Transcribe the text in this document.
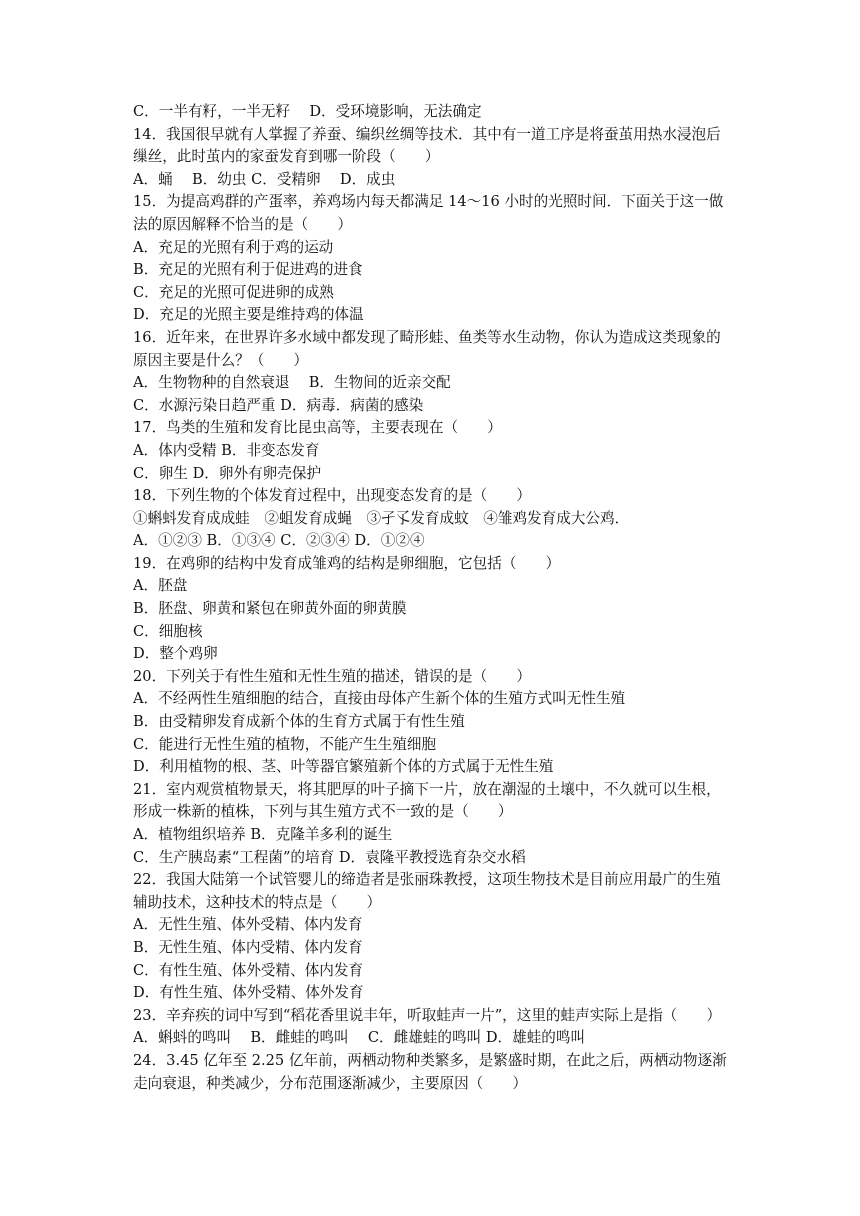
C．一半有籽，一半无籽　 D．受环境影响，无法确定
14．我国很早就有人掌握了养蚕、编织丝绸等技术．其中有一道工序是将蚕茧用热水浸泡后
缫丝，此时茧内的家蚕发育到哪一阶段（　　）
A．蛹　 B．幼虫 C．受精卵　 D．成虫
15．为提高鸡群的产蛋率，养鸡场内每天都满足 14～16 小时的光照时间．下面关于这一做
法的原因解释不恰当的是（　　）
A．充足的光照有利于鸡的运动
B．充足的光照有利于促进鸡的进食
C．充足的光照可促进卵的成熟
D．充足的光照主要是维持鸡的体温
16．近年来，在世界许多水域中都发现了畸形蛙、鱼类等水生动物，你认为造成这类现象的
原因主要是什么？（　　）
A．生物物种的自然衰退　 B．生物间的近亲交配
C．水源污染日趋严重 D．病毒．病菌的感染
17．鸟类的生殖和发育比昆虫高等，主要表现在（　　）
A．体内受精 B．非变态发育
C．卵生 D．卵外有卵壳保护
18．下列生物的个体发育过程中，出现变态发育的是（　　）
①蝌蚪发育成成蛙　②蛆发育成蝇　③孑孓发育成蚊　④雏鸡发育成大公鸡．
A．①②③ B．①③④ C．②③④ D．①②④
19．在鸡卵的结构中发育成雏鸡的结构是卵细胞，它包括（　　）
A．胚盘
B．胚盘、卵黄和紧包在卵黄外面的卵黄膜
C．细胞核
D．整个鸡卵
20．下列关于有性生殖和无性生殖的描述，错误的是（　　）
A．不经两性生殖细胞的结合，直接由母体产生新个体的生殖方式叫无性生殖
B．由受精卵发育成新个体的生育方式属于有性生殖
C．能进行无性生殖的植物，不能产生生殖细胞
D．利用植物的根、茎、叶等器官繁殖新个体的方式属于无性生殖
21．室内观赏植物景天，将其肥厚的叶子摘下一片，放在潮湿的土壤中，不久就可以生根，
形成一株新的植株，下列与其生殖方式不一致的是（　　）
A．植物组织培养 B．克隆羊多利的诞生
C．生产胰岛素“工程菌”的培育 D．袁隆平教授选育杂交水稻
22．我国大陆第一个试管婴儿的缔造者是张丽珠教授，这项生物技术是目前应用最广的生殖
辅助技术，这种技术的特点是（　　）
A．无性生殖、体外受精、体内发育
B．无性生殖、体内受精、体内发育
C．有性生殖、体外受精、体内发育
D．有性生殖、体外受精、体外发育
23．辛弃疾的词中写到“稻花香里说丰年，听取蛙声一片”，这里的蛙声实际上是指（　　）
A．蝌蚪的鸣叫　 B．雌蛙的鸣叫　 C．雌雄蛙的鸣叫 D．雄蛙的鸣叫
24．3.45 亿年至 2.25 亿年前，两栖动物种类繁多，是繁盛时期，在此之后，两栖动物逐渐
走向衰退，种类减少，分布范围逐渐减少，主要原因（　　）
